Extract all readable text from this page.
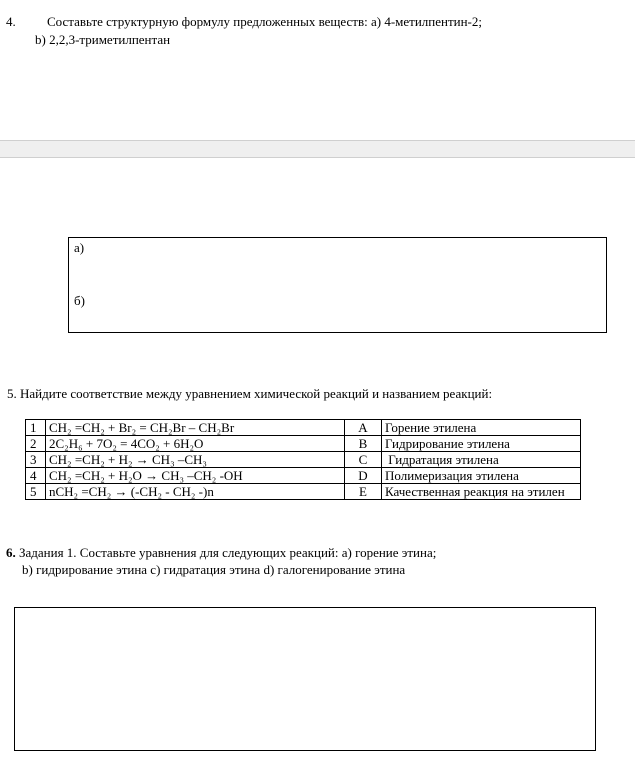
4. Составьте структурную формулу предложенных веществ: a) 4-метилпентин-2;
b) 2,2,3-триметилпентан
а)
б)
5. Найдите соответствие между уравнением химической реакций и названием реакций:
1	CH₂ =CH₂ + Br₂ = CH₂Br – CH₂Br	A	Горение этилена
2	2C₂H₆ + 7O₂ = 4CO₂ + 6H₂O	B	Гидрирование этилена
3	CH₂ =CH₂ + H₂ → CH₃ –CH₃	C	Гидратация этилена
4	CH₂ =CH₂ + H₂O → CH₃ –CH₂ -OH	D	Полимеризация этилена
5	nCH₂ =CH₂ → (-CH₂ - CH₂ -)n	E	Качественная реакция на этилен
6. Задания 1. Составьте уравнения для следующих реакций: a) горение этина;
b) гидрирование этина c) гидратация этина d) галогенирование этина
